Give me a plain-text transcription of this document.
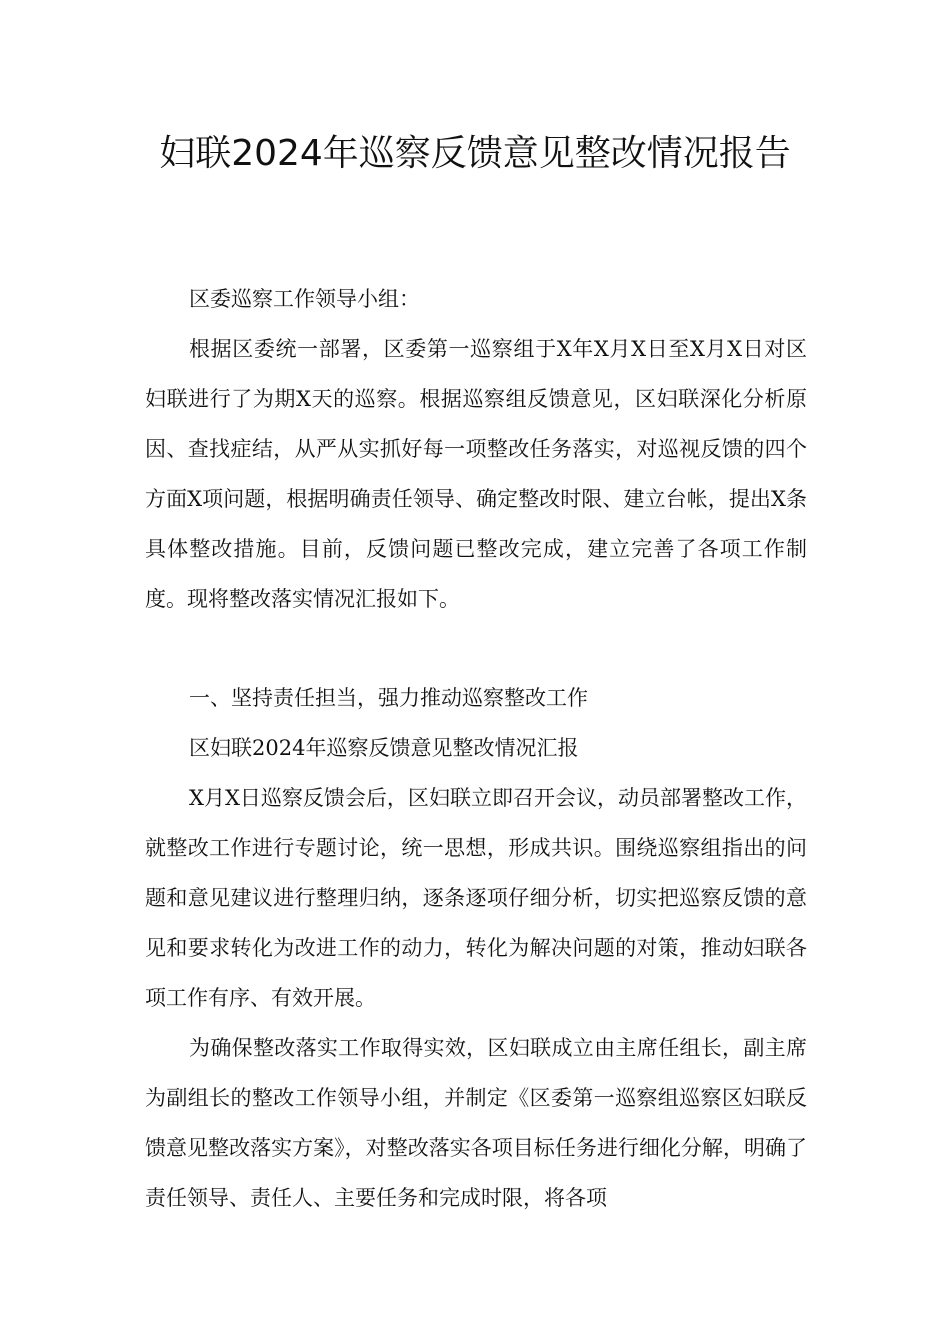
妇联2024年巡察反馈意见整改情况报告

区委巡察工作领导小组：

根据区委统一部署，区委第一巡察组于X年X月X日至X月X日对区妇联进行了为期X天的巡察。根据巡察组反馈意见，区妇联深化分析原因、查找症结，从严从实抓好每一项整改任务落实，对巡视反馈的四个方面X项问题，根据明确责任领导、确定整改时限、建立台帐，提出X条具体整改措施。目前，反馈问题已整改完成，建立完善了各项工作制度。现将整改落实情况汇报如下。

一、坚持责任担当，强力推动巡察整改工作

区妇联2024年巡察反馈意见整改情况汇报

X月X日巡察反馈会后，区妇联立即召开会议，动员部署整改工作，就整改工作进行专题讨论，统一思想，形成共识。围绕巡察组指出的问题和意见建议进行整理归纳，逐条逐项仔细分析，切实把巡察反馈的意见和要求转化为改进工作的动力，转化为解决问题的对策，推动妇联各项工作有序、有效开展。

为确保整改落实工作取得实效，区妇联成立由主席任组长，副主席为副组长的整改工作领导小组，并制定《区委第一巡察组巡察区妇联反馈意见整改落实方案》，对整改落实各项目标任务进行细化分解，明确了责任领导、责任人、主要任务和完成时限，将各项
